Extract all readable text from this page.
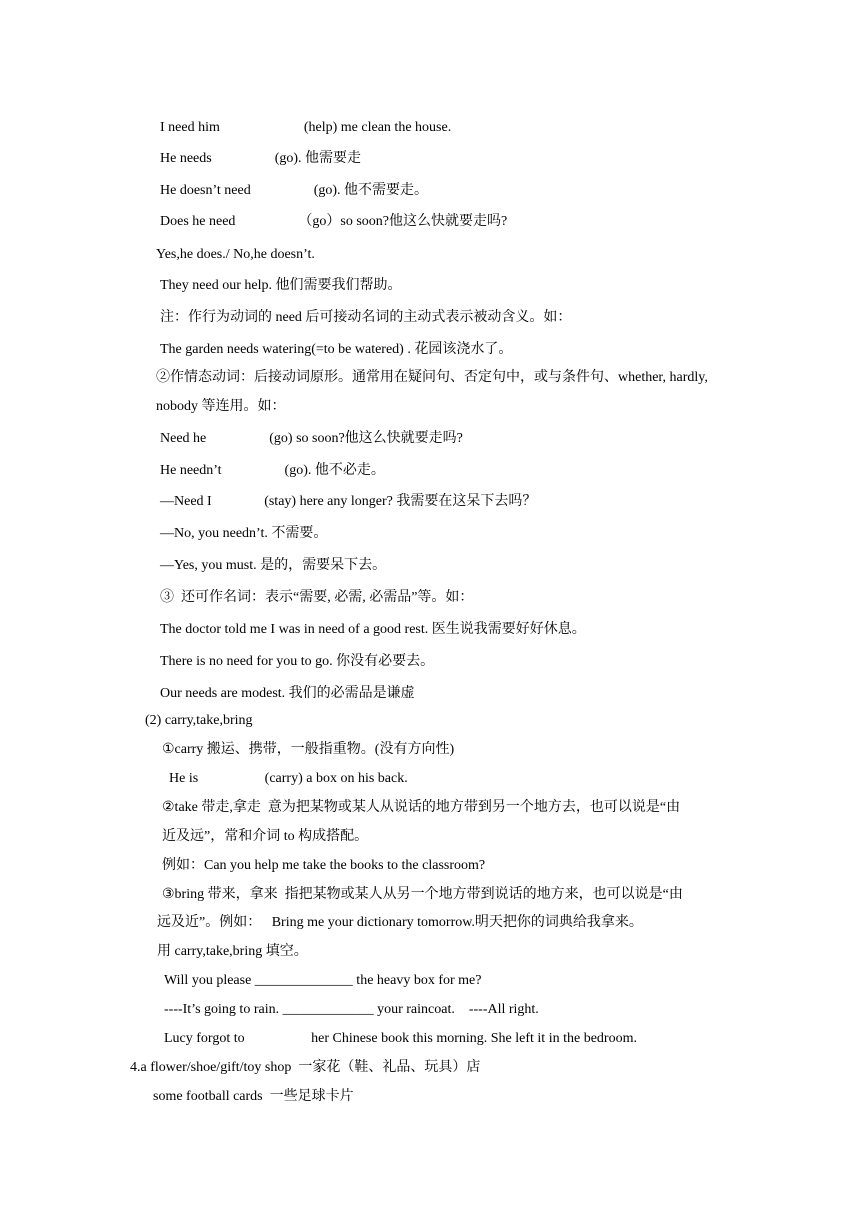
I need him                        (help) me clean the house.
He needs                  (go). 他需要走
He doesn’t need                  (go). 他不需要走。
Does he need                  （go）so soon?他这么快就要走吗?
Yes,he does./ No,he doesn’t.
They need our help. 他们需要我们帮助。
注：作行为动词的 need 后可接动名词的主动式表示被动含义。如：
The garden needs watering(=to be watered) . 花园该浇水了。
②作情态动词：后接动词原形。通常用在疑问句、否定句中，或与条件句、whether, hardly,
nobody 等连用。如：
Need he                  (go) so soon?他这么快就要走吗?
He needn’t                  (go). 他不必走。
—Need I               (stay) here any longer? 我需要在这呆下去吗？
—No, you needn’t. 不需要。
—Yes, you must. 是的，需要呆下去。
③  还可作名词：表示“需要, 必需, 必需品”等。如：
The doctor told me I was in need of a good rest. 医生说我需要好好休息。
There is no need for you to go. 你没有必要去。
Our needs are modest. 我们的必需品是谦虚
(2) carry,take,bring
①carry 搬运、携带，一般指重物。(没有方向性)
He is                   (carry) a box on his back.
②take 带走,拿走  意为把某物或某人从说话的地方带到另一个地方去，也可以说是“由
近及远”，常和介词 to 构成搭配。
例如：Can you help me take the books to the classroom?
③bring 带来，拿来  指把某物或某人从另一个地方带到说话的地方来，也可以说是“由
远及近”。例如：   Bring me your dictionary tomorrow.明天把你的词典给我拿来。
用 carry,take,bring 填空。
Will you please ______________ the heavy box for me?
----It’s going to rain. _____________ your raincoat.    ----All right.
Lucy forgot to                   her Chinese book this morning. She left it in the bedroom.
4.a flower/shoe/gift/toy shop  一家花（鞋、礼品、玩具）店
some football cards  一些足球卡片
